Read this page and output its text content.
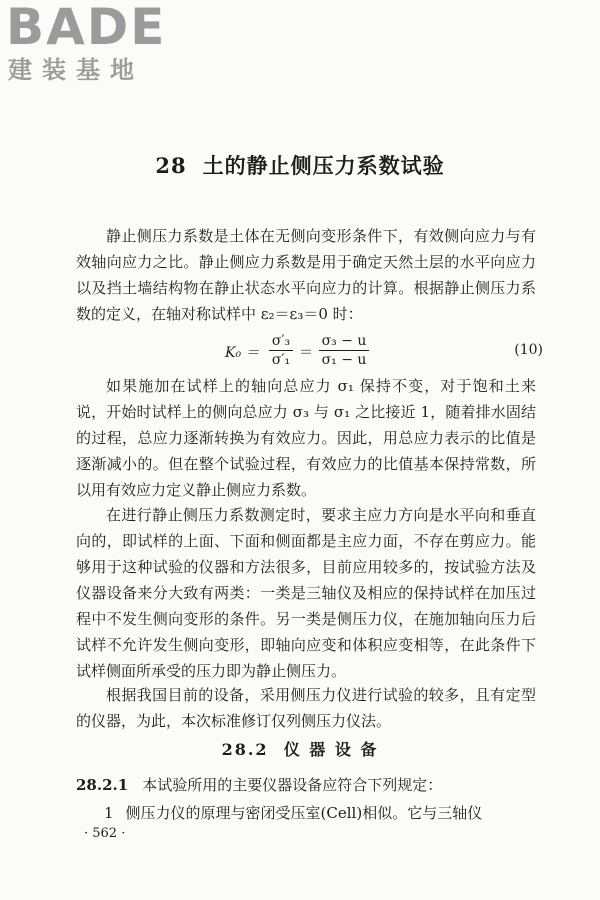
BADE
建装基地
28 土的静止侧压力系数试验

静止侧压力系数是土体在无侧向变形条件下，有效侧向应力与有效轴向应力之比。静止侧应力系数是用于确定天然土层的水平向应力以及挡土墙结构物在静止状态水平向应力的计算。根据静止侧压力系数的定义，在轴对称试样中 ε₂＝ε₃＝0 时：

K₀ ＝
σ′₃
σ′₁ ＝
σ₃ − u
σ₁ − u
(10)

如果施加在试样上的轴向总应力 σ₁ 保持不变，对于饱和土来说，开始时试样上的侧向总应力 σ₃ 与 σ₁ 之比接近 1，随着排水固结的过程，总应力逐渐转换为有效应力。因此，用总应力表示的比值是逐渐减小的。但在整个试验过程，有效应力的比值基本保持常数，所以用有效应力定义静止侧应力系数。

在进行静止侧压力系数测定时，要求主应力方向是水平向和垂直向的，即试样的上面、下面和侧面都是主应力面，不存在剪应力。能够用于这种试验的仪器和方法很多，目前应用较多的，按试验方法及仪器设备来分大致有两类：一类是三轴仪及相应的保持试样在加压过程中不发生侧向变形的条件。另一类是侧压力仪，在施加轴向压力后试样不允许发生侧向变形，即轴向应变和体积应变相等，在此条件下试样侧面所承受的压力即为静止侧压力。

根据我国目前的设备，采用侧压力仪进行试验的较多，且有定型的仪器，为此，本次标准修订仅列侧压力仪法。

28.2 仪 器 设 备
28.2.1 本试验所用的主要仪器设备应符合下列规定：
1 侧压力仪的原理与密闭受压室(Cell)相似。它与三轴仪
· 562 ·
